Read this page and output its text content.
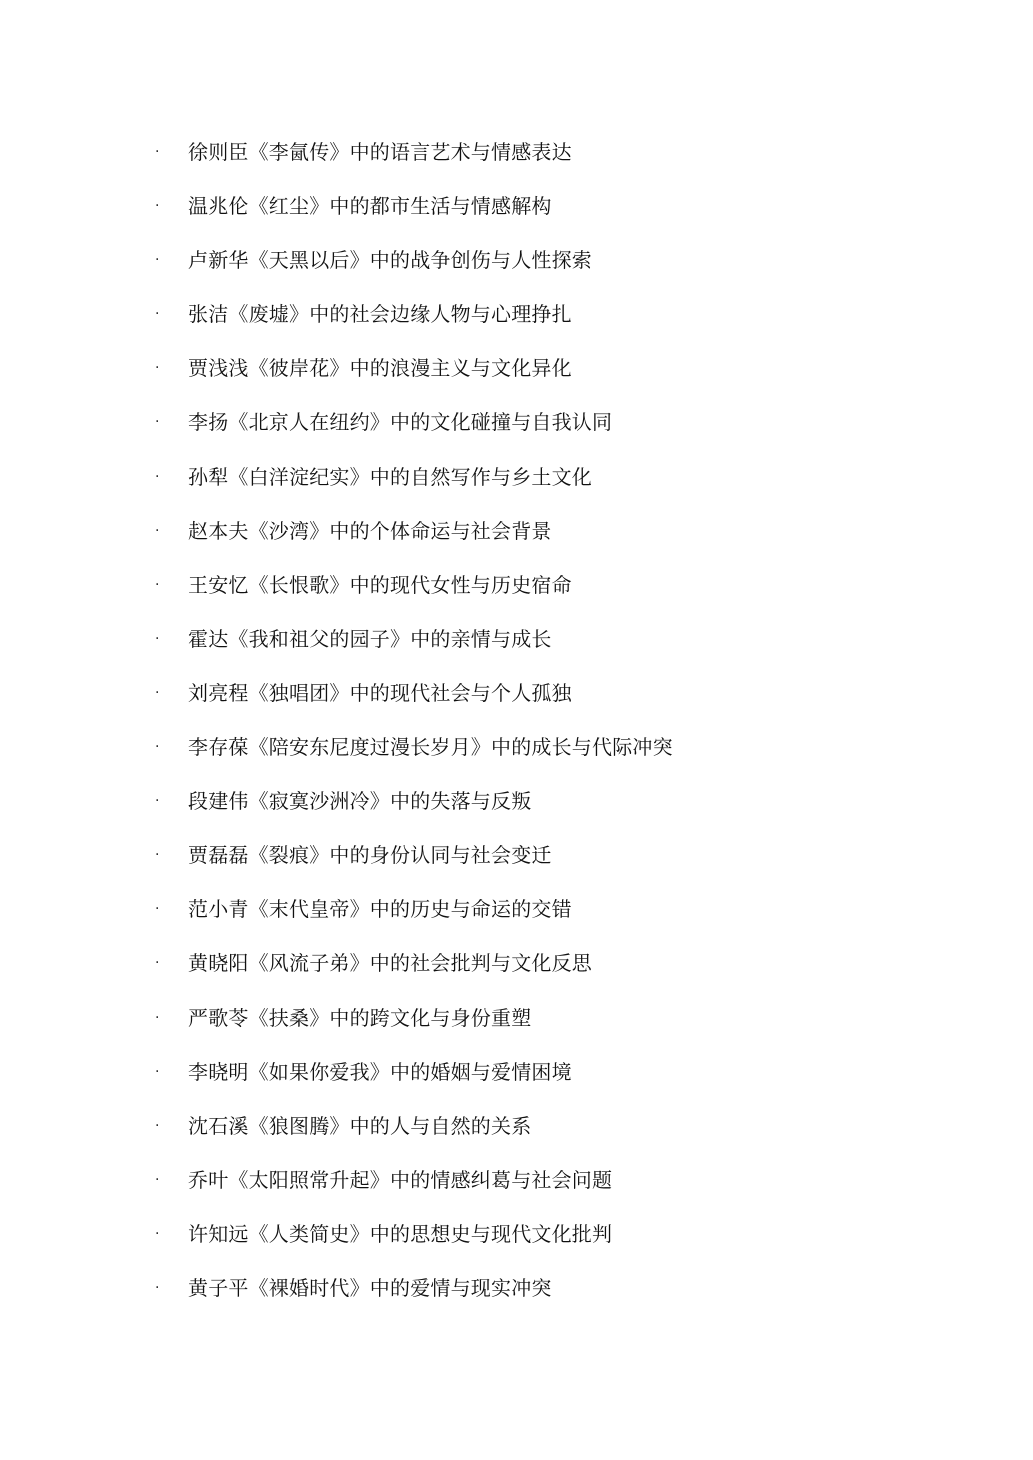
·	徐则臣《李氤传》中的语言艺术与情感表达
·	温兆伦《红尘》中的都市生活与情感解构
·	卢新华《天黑以后》中的战争创伤与人性探索
·	张洁《废墟》中的社会边缘人物与心理挣扎
·	贾浅浅《彼岸花》中的浪漫主义与文化异化
·	李扬《北京人在纽约》中的文化碰撞与自我认同
·	孙犁《白洋淀纪实》中的自然写作与乡土文化
·	赵本夫《沙湾》中的个体命运与社会背景
·	王安忆《长恨歌》中的现代女性与历史宿命
·	霍达《我和祖父的园子》中的亲情与成长
·	刘亮程《独唱团》中的现代社会与个人孤独
·	李存葆《陪安东尼度过漫长岁月》中的成长与代际冲突
·	段建伟《寂寞沙洲冷》中的失落与反叛
·	贾磊磊《裂痕》中的身份认同与社会变迁
·	范小青《末代皇帝》中的历史与命运的交错
·	黄晓阳《风流子弟》中的社会批判与文化反思
·	严歌苓《扶桑》中的跨文化与身份重塑
·	李晓明《如果你爱我》中的婚姻与爱情困境
·	沈石溪《狼图腾》中的人与自然的关系
·	乔叶《太阳照常升起》中的情感纠葛与社会问题
·	许知远《人类简史》中的思想史与现代文化批判
·	黄子平《裸婚时代》中的爱情与现实冲突
